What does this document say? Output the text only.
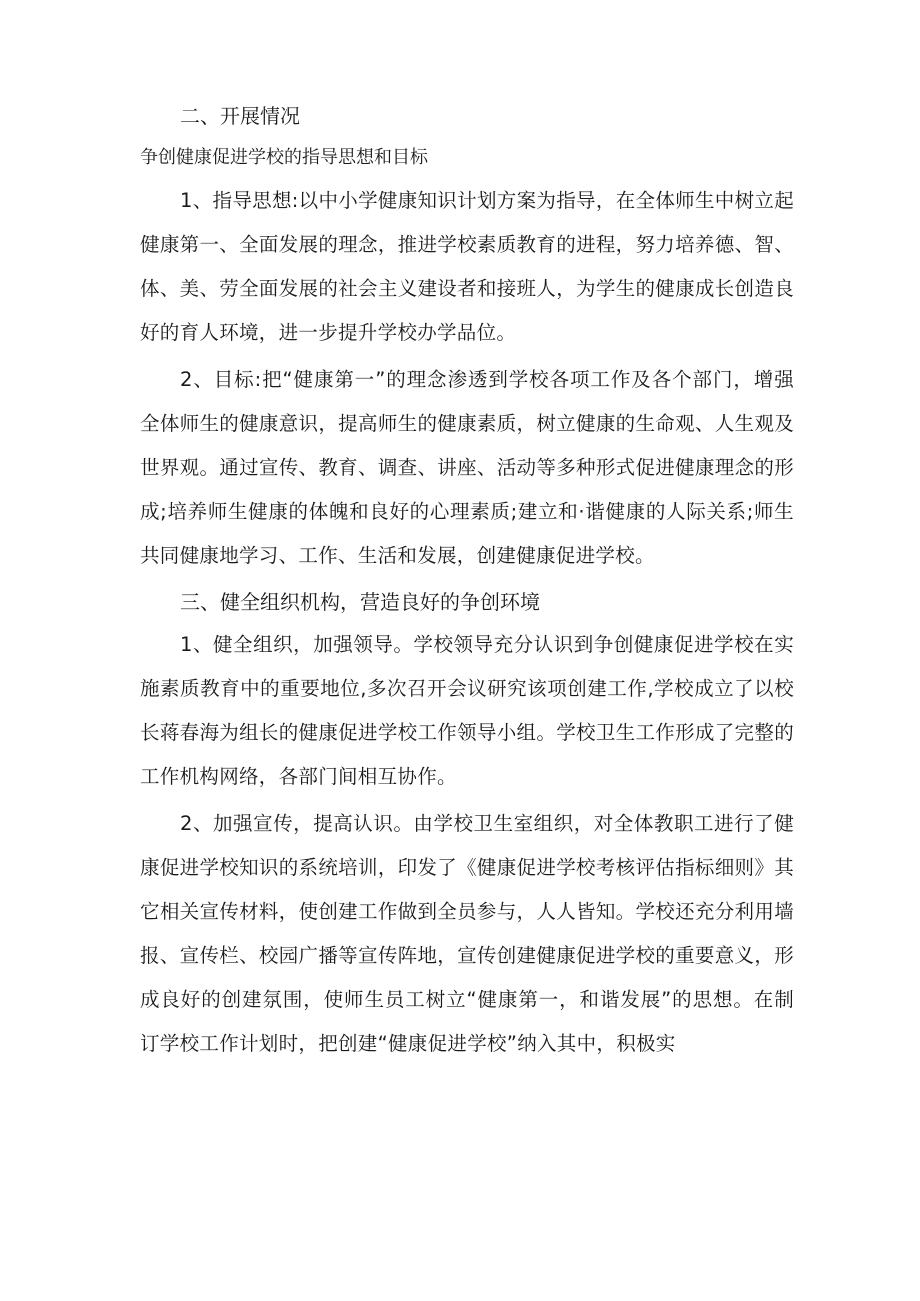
二、开展情况
争创健康促进学校的指导思想和目标

1、指导思想:以中小学健康知识计划方案为指导，在全体师生中树立起健康第一、全面发展的理念，推进学校素质教育的进程，努力培养德、智、体、美、劳全面发展的社会主义建设者和接班人，为学生的健康成长创造良好的育人环境，进一步提升学校办学品位。

2、目标:把“健康第一”的理念渗透到学校各项工作及各个部门，增强全体师生的健康意识，提高师生的健康素质，树立健康的生命观、人生观及世界观。通过宣传、教育、调查、讲座、活动等多种形式促进健康理念的形成;培养师生健康的体魄和良好的心理素质;建立和·谐健康的人际关系;师生共同健康地学习、工作、生活和发展，创建健康促进学校。

三、健全组织机构，营造良好的争创环境

1、健全组织，加强领导。学校领导充分认识到争创健康促进学校在实施素质教育中的重要地位,多次召开会议研究该项创建工作,学校成立了以校长蒋春海为组长的健康促进学校工作领导小组。学校卫生工作形成了完整的工作机构网络，各部门间相互协作。

2、加强宣传，提高认识。由学校卫生室组织，对全体教职工进行了健康促进学校知识的系统培训，印发了《健康促进学校考核评估指标细则》其它相关宣传材料，使创建工作做到全员参与，人人皆知。学校还充分利用墙报、宣传栏、校园广播等宣传阵地，宣传创建健康促进学校的重要意义，形成良好的创建氛围，使师生员工树立“健康第一，和谐发展”的思想。在制订学校工作计划时，把创建“健康促进学校”纳入其中，积极实
